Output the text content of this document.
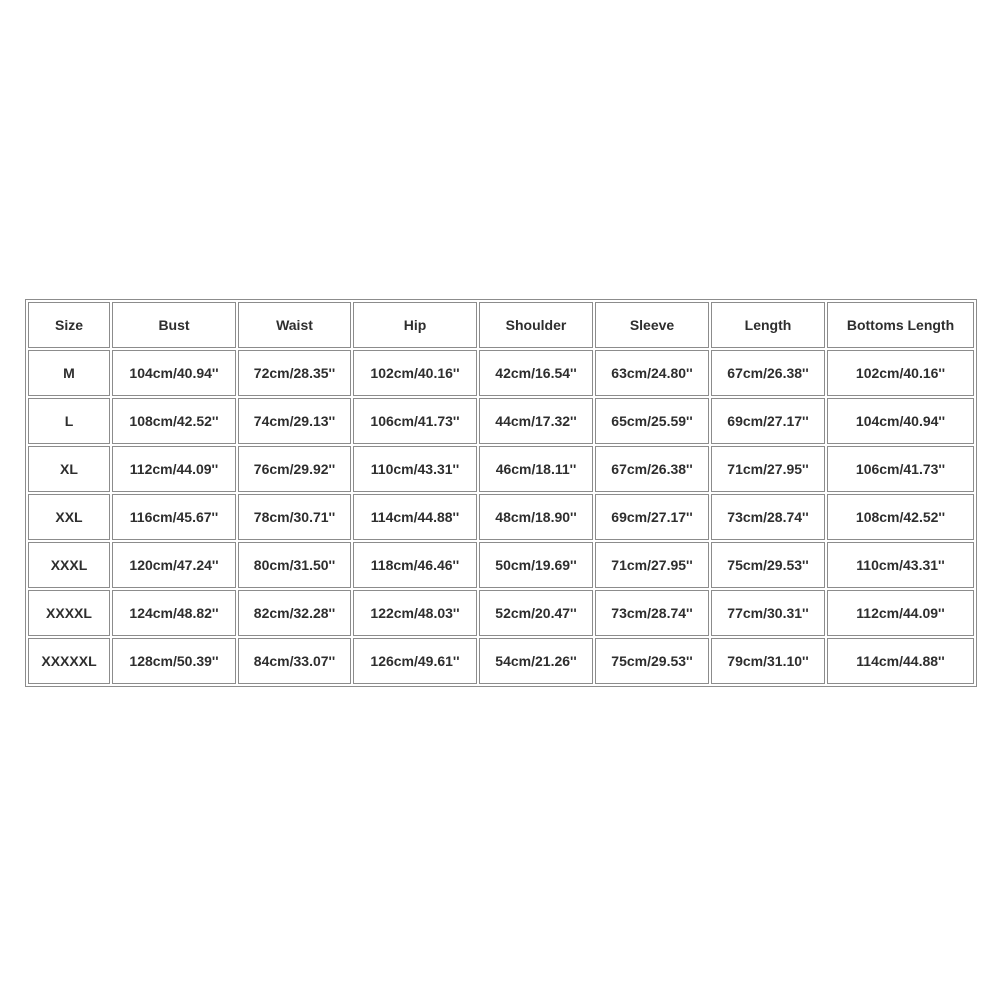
Size	Bust	Waist	Hip	Shoulder	Sleeve	Length	Bottoms Length
M	104cm/40.94''	72cm/28.35''	102cm/40.16''	42cm/16.54''	63cm/24.80''	67cm/26.38''	102cm/40.16''
L	108cm/42.52''	74cm/29.13''	106cm/41.73''	44cm/17.32''	65cm/25.59''	69cm/27.17''	104cm/40.94''
XL	112cm/44.09''	76cm/29.92''	110cm/43.31''	46cm/18.11''	67cm/26.38''	71cm/27.95''	106cm/41.73''
XXL	116cm/45.67''	78cm/30.71''	114cm/44.88''	48cm/18.90''	69cm/27.17''	73cm/28.74''	108cm/42.52''
XXXL	120cm/47.24''	80cm/31.50''	118cm/46.46''	50cm/19.69''	71cm/27.95''	75cm/29.53''	110cm/43.31''
XXXXL	124cm/48.82''	82cm/32.28''	122cm/48.03''	52cm/20.47''	73cm/28.74''	77cm/30.31''	112cm/44.09''
XXXXXL	128cm/50.39''	84cm/33.07''	126cm/49.61''	54cm/21.26''	75cm/29.53''	79cm/31.10''	114cm/44.88''
